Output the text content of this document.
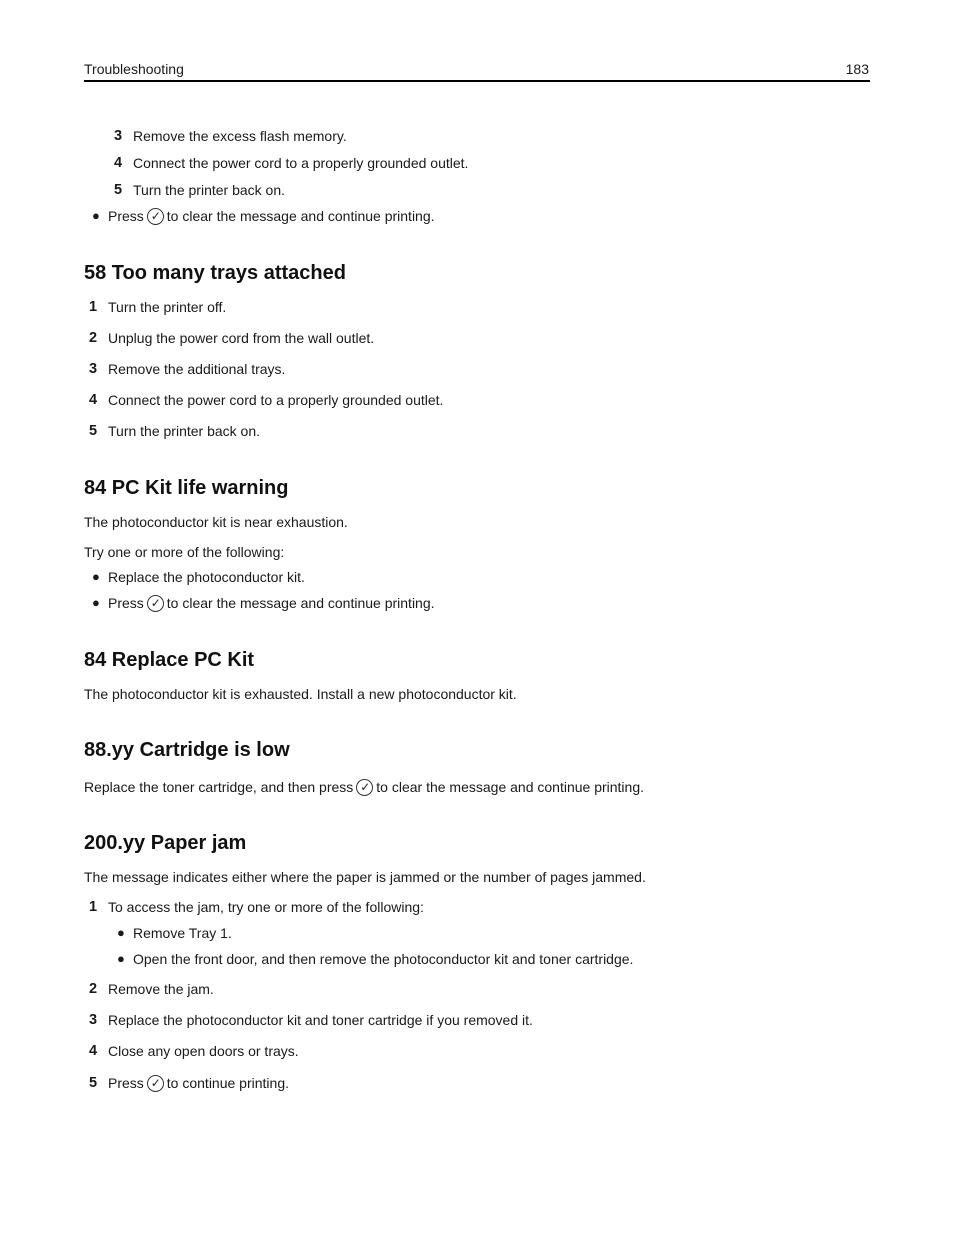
Troubleshooting	183
3 Remove the excess flash memory.
4 Connect the power cord to a properly grounded outlet.
5 Turn the printer back on.
● Press ✓ to clear the message and continue printing.
58 Too many trays attached
1 Turn the printer off.
2 Unplug the power cord from the wall outlet.
3 Remove the additional trays.
4 Connect the power cord to a properly grounded outlet.
5 Turn the printer back on.
84 PC Kit life warning
The photoconductor kit is near exhaustion.
Try one or more of the following:
● Replace the photoconductor kit.
● Press ✓ to clear the message and continue printing.
84 Replace PC Kit
The photoconductor kit is exhausted. Install a new photoconductor kit.
88.yy Cartridge is low
Replace the toner cartridge, and then press ✓ to clear the message and continue printing.
200.yy Paper jam
The message indicates either where the paper is jammed or the number of pages jammed.
1 To access the jam, try one or more of the following:
● Remove Tray 1.
● Open the front door, and then remove the photoconductor kit and toner cartridge.
2 Remove the jam.
3 Replace the photoconductor kit and toner cartridge if you removed it.
4 Close any open doors or trays.
5 Press ✓ to continue printing.
